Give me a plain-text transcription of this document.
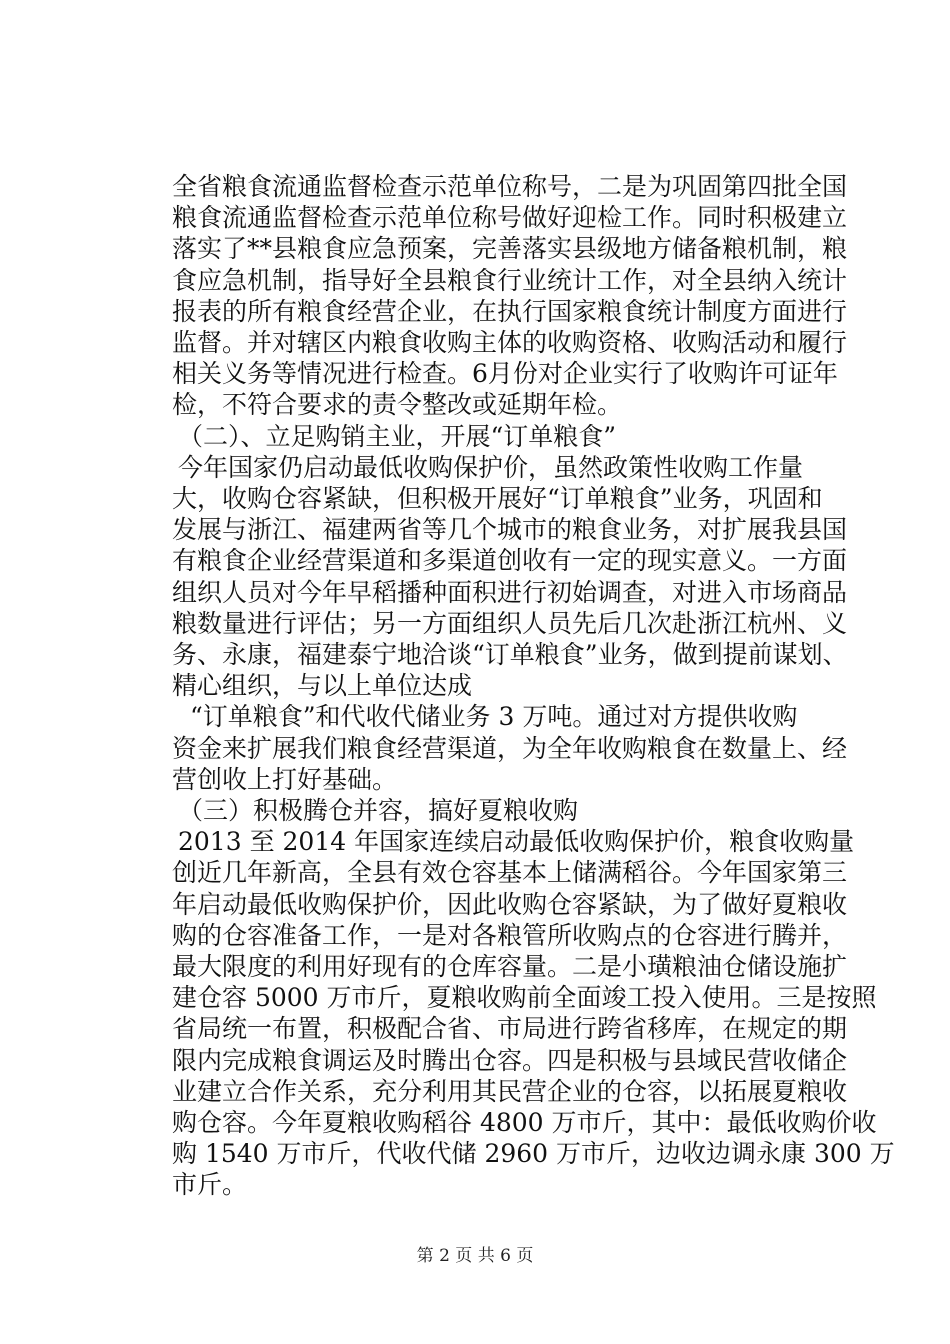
全省粮食流通监督检查示范单位称号，二是为巩固第四批全国
粮食流通监督检查示范单位称号做好迎检工作。同时积极建立
落实了**县粮食应急预案，完善落实县级地方储备粮机制，粮
食应急机制，指导好全县粮食行业统计工作，对全县纳入统计
报表的所有粮食经营企业，在执行国家粮食统计制度方面进行
监督。并对辖区内粮食收购主体的收购资格、收购活动和履行
相关义务等情况进行检查。6月份对企业实行了收购许可证年
检，不符合要求的责令整改或延期年检。
（二）、立足购销主业，开展“订单粮食”
今年国家仍启动最低收购保护价，虽然政策性收购工作量
大，收购仓容紧缺，但积极开展好“订单粮食”业务，巩固和
发展与浙江、福建两省等几个城市的粮食业务，对扩展我县国
有粮食企业经营渠道和多渠道创收有一定的现实意义。一方面
组织人员对今年早稻播种面积进行初始调查，对进入市场商品
粮数量进行评估；另一方面组织人员先后几次赴浙江杭州、义
务、永康，福建泰宁地洽谈“订单粮食”业务，做到提前谋划、
精心组织，与以上单位达成
“订单粮食”和代收代储业务 3 万吨。通过对方提供收购
资金来扩展我们粮食经营渠道，为全年收购粮食在数量上、经
营创收上打好基础。
（三）积极腾仓并容，搞好夏粮收购
2013 至 2014 年国家连续启动最低收购保护价，粮食收购量
创近几年新高，全县有效仓容基本上储满稻谷。今年国家第三
年启动最低收购保护价，因此收购仓容紧缺，为了做好夏粮收
购的仓容准备工作，一是对各粮管所收购点的仓容进行腾并，
最大限度的利用好现有的仓库容量。二是小璜粮油仓储设施扩
建仓容 5000 万市斤，夏粮收购前全面竣工投入使用。三是按照
省局统一布置，积极配合省、市局进行跨省移库，在规定的期
限内完成粮食调运及时腾出仓容。四是积极与县域民营收储企
业建立合作关系，充分利用其民营企业的仓容，以拓展夏粮收
购仓容。今年夏粮收购稻谷 4800 万市斤，其中：最低收购价收
购 1540 万市斤，代收代储 2960 万市斤，边收边调永康 300 万
市斤。
第 2 页 共 6 页
